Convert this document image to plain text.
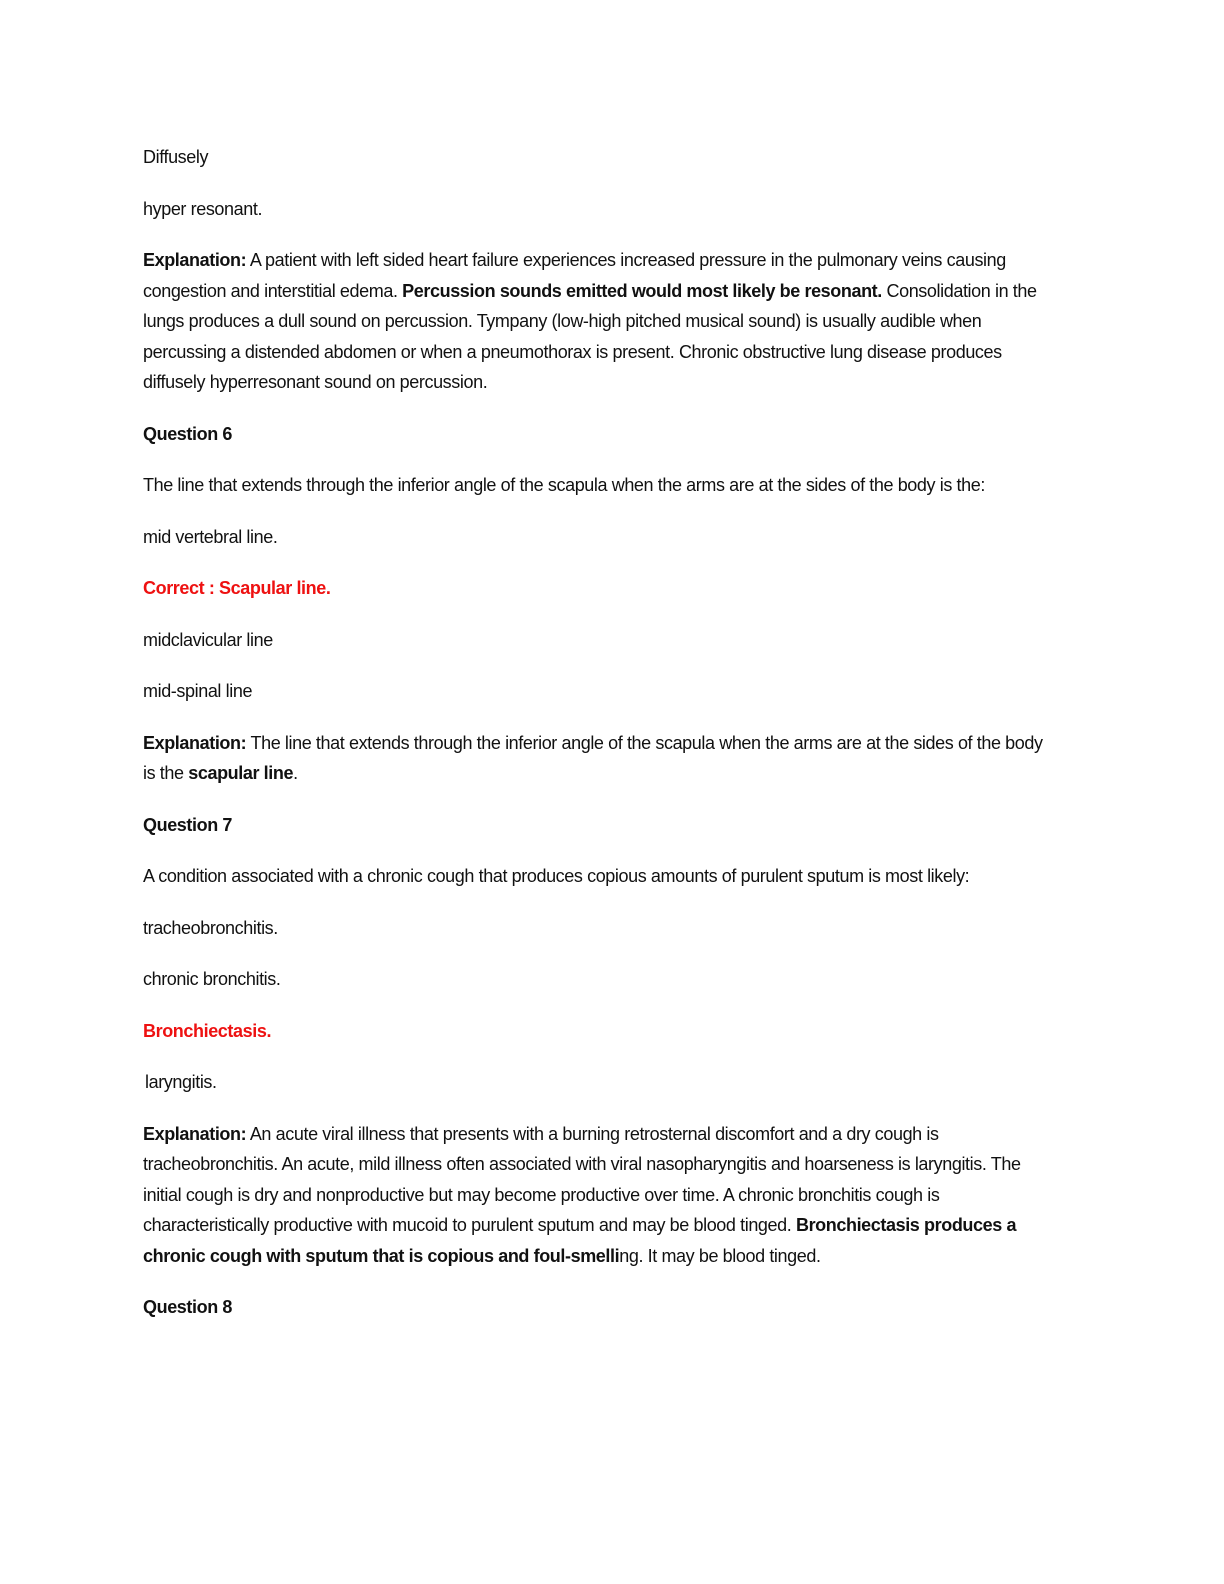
Diffusely

hyper resonant.

Explanation: A patient with left sided heart failure experiences increased pressure in the pulmonary veins causing congestion and interstitial edema. Percussion sounds emitted would most likely be resonant. Consolidation in the lungs produces a dull sound on percussion. Tympany (low-high pitched musical sound) is usually audible when percussing a distended abdomen or when a pneumothorax is present. Chronic obstructive lung disease produces diffusely hyperresonant sound on percussion.

Question 6

The line that extends through the inferior angle of the scapula when the arms are at the sides of the body is the:

mid vertebral line.

Correct : Scapular line.

midclavicular line

mid-spinal line

Explanation: The line that extends through the inferior angle of the scapula when the arms are at the sides of the body is the scapular line.

Question 7

A condition associated with a chronic cough that produces copious amounts of purulent sputum is most likely:

tracheobronchitis.

chronic bronchitis.

Bronchiectasis.

laryngitis.

Explanation: An acute viral illness that presents with a burning retrosternal discomfort and a dry cough is tracheobronchitis. An acute, mild illness often associated with viral nasopharyngitis and hoarseness is laryngitis. The initial cough is dry and nonproductive but may become productive over time. A chronic bronchitis cough is characteristically productive with mucoid to purulent sputum and may be blood tinged. Bronchiectasis produces a chronic cough with sputum that is copious and foul-smelling. It may be blood tinged.

Question 8
